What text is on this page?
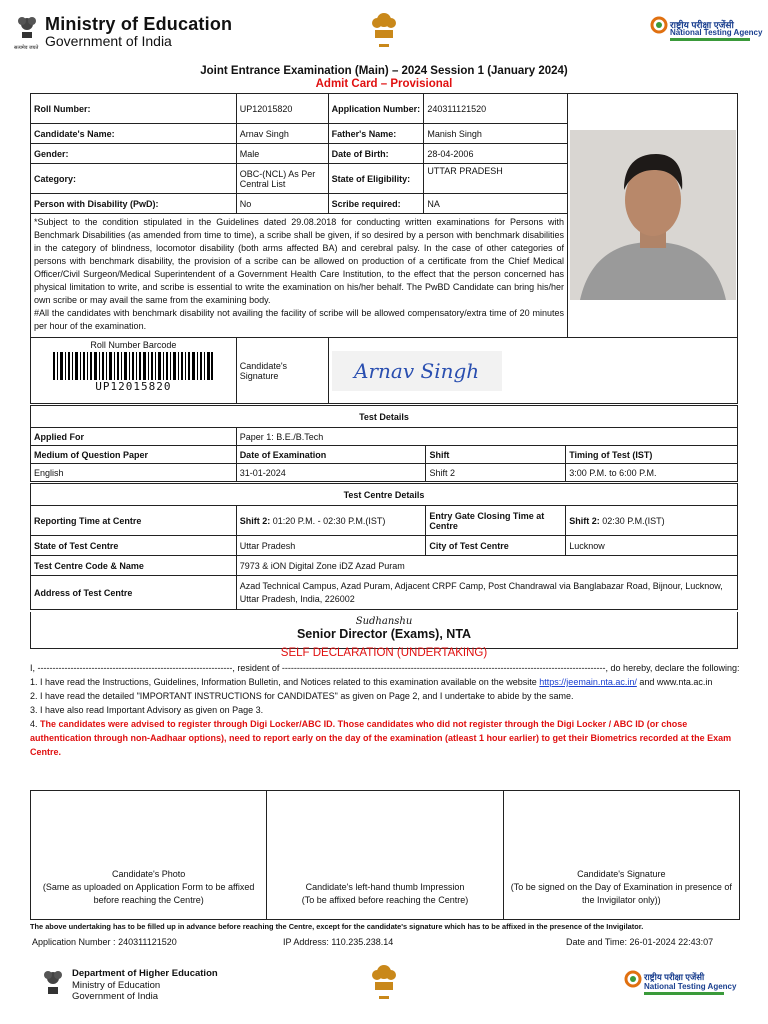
सत्यमेव जयते
Ministry of Education
Government of India
राष्ट्रीय परीक्षा एजेंसी
National Testing Agency
Joint Entrance Examination (Main) – 2024 Session 1 (January 2024)
Admit Card – Provisional
Roll Number:	UP12015820	Application Number:	240311121520	
Candidate's Name:	Arnav Singh	Father's Name:	Manish Singh	
Gender:	Male	Date of Birth:	28-04-2006	
Category:	OBC-(NCL) As Per Central List	State of Eligibility:	UTTAR PRADESH	
Person with Disability (PwD):	No	Scribe required:	NA	

*Subject to the condition stipulated in the Guidelines dated 29.08.2018 for conducting written examinations for Persons with Benchmark Disabilities (as amended from time to time), a scribe shall be given, if so desired by a person with benchmark disabilities in the category of blindness, locomotor disability (both arms affected BA) and cerebral palsy. In the case of other categories of persons with benchmark disability, the provision of a scribe can be allowed on production of a certificate from the Chief Medical Officer/Civil Surgeon/Medical Superintendent of a Government Health Care Institution, to the effect that the person concerned has physical limitation to write, and scribe is essential to write the examination on his/her behalf. The PwBD Candidate can bring his/her own scribe or may avail the same from the examining body.
#All the candidates with benchmark disability not availing the facility of scribe will be allowed compensatory/extra time of 20 minutes per hour of the examination.				

Roll Number Barcode
UP12015820	Candidate's Signature	Arnav Singh		
Test Details			
Applied For	Paper 1: B.E./B.Tech		
Medium of Question Paper	Date of Examination	Shift	Timing of Test (IST)
English	31-01-2024	Shift 2	3:00 P.M. to 6:00 P.M.
Test Centre Details			
Reporting Time at Centre	Shift 2: 01:20 P.M. - 02:30 P.M.(IST)	Entry Gate Closing Time at Centre	Shift 2: 02:30 P.M.(IST)
State of Test Centre	Uttar Pradesh	City of Test Centre	Lucknow
Test Centre Code & Name	7973 & iON Digital Zone iDZ Azad Puram		
Address of Test Centre	Azad Technical Campus, Azad Puram, Adjacent CRPF Camp, Post Chandrawal via Banglabazar Road, Bijnour, Lucknow, Uttar Pradesh, India, 226002		
Sudhanshu
Senior Director (Exams), NTA
SELF DECLARATION (UNDERTAKING)
I, -----------------------------------------------------------------, resident of ------------------------------------------------------------------------------------------------------------, do hereby, declare the following:
1. I have read the Instructions, Guidelines, Information Bulletin, and Notices related to this examination available on the website https://jeemain.nta.ac.in/ and www.nta.ac.in
2. I have read the detailed "IMPORTANT INSTRUCTIONS for CANDIDATES" as given on Page 2, and I undertake to abide by the same.
3. I have also read Important Advisory as given on Page 3.
4. The candidates were advised to register through Digi Locker/ABC ID. Those candidates who did not register through the Digi Locker / ABC ID (or chose authentication through non-Aadhaar options), need to report early on the day of the examination (atleast 1 hour earlier) to get their Biometrics recorded at the Exam Centre.
Candidate's Photo
(Same as uploaded on Application Form to be affixed before reaching the Centre)
Candidate's left-hand thumb Impression
(To be affixed before reaching the Centre)
Candidate's Signature
(To be signed on the Day of Examination in presence of the Invigilator only))
The above undertaking has to be filled up in advance before reaching the Centre, except for the candidate's signature which has to be affixed in the presence of the Invigilator.
Application Number : 240311121520	IP Address: 110.235.238.14	Date and Time: 26-01-2024 22:43:07
Department of Higher Education
Ministry of Education
Government of India
राष्ट्रीय परीक्षा एजेंसी
National Testing Agency
